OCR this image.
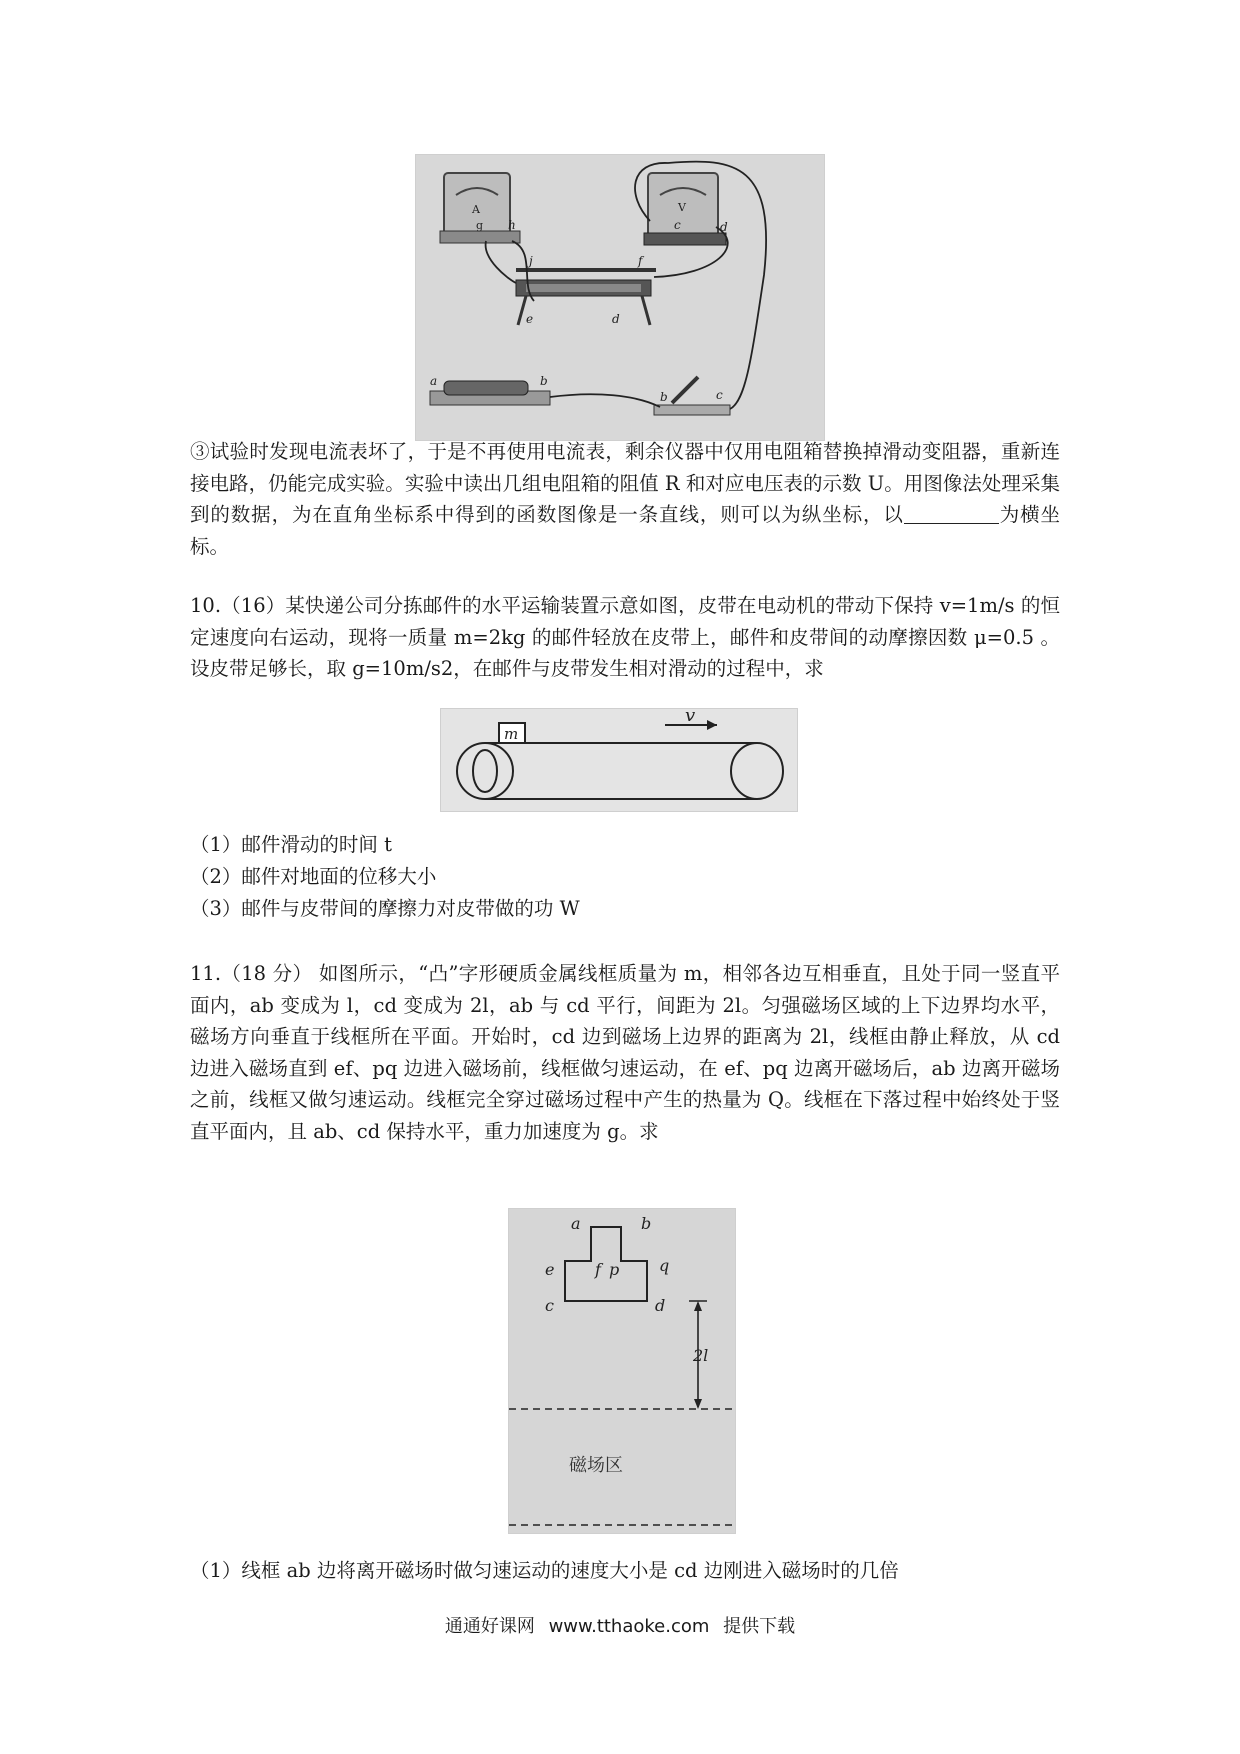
A
g h
V
c	d
j	f
e	d
a	b
b	c

③试验时发现电流表坏了，于是不再使用电流表，剩余仪器中仅用电阻箱替换掉滑动变阻器，重新连接电路，仍能完成实验。实验中读出几组电阻箱的阻值 R 和对应电压表的示数 U。用图像法处理采集到的数据，为在直角坐标系中得到的函数图像是一条直线，则可以为纵坐标，以	为横坐标。

10.（16）某快递公司分拣邮件的水平运输装置示意如图，皮带在电动机的带动下保持 v=1m/s 的恒定速度向右运动，现将一质量 m=2kg 的邮件轻放在皮带上，邮件和皮带间的动摩擦因数 μ=0.5 。设皮带足够长，取 g=10m/s2，在邮件与皮带发生相对滑动的过程中，求

m
v
（1）邮件滑动的时间 t
（2）邮件对地面的位移大小
（3）邮件与皮带间的摩擦力对皮带做的功 W

11.（18 分） 如图所示，“凸”字形硬质金属线框质量为 m，相邻各边互相垂直，且处于同一竖直平面内，ab 变成为 l，cd 变成为 2l，ab 与 cd 平行，间距为 2l。匀强磁场区域的上下边界均水平，磁场方向垂直于线框所在平面。开始时，cd 边到磁场上边界的距离为 2l，线框由静止释放，从 cd 边进入磁场直到 ef、pq 边进入磁场前，线框做匀速运动，在 ef、pq 边离开磁场后，ab 边离开磁场之前，线框又做匀速运动。线框完全穿过磁场过程中产生的热量为 Q。线框在下落过程中始终处于竖直平面内，且 ab、cd 保持水平，重力加速度为 g。求

a	b
e	f p q
c	d
2l
磁场区
（1）线框 ab 边将离开磁场时做匀速运动的速度大小是 cd 边刚进入磁场时的几倍
通通好课网 www.tthaoke.com 提供下载
